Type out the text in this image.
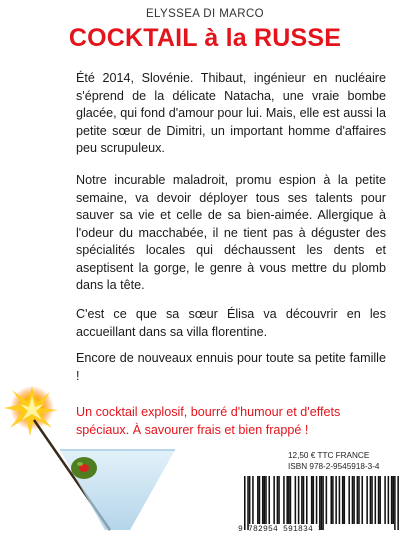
ELYSSEA DI MARCO
COCKTAIL à la RUSSE
Été 2014, Slovénie. Thibaut, ingénieur en nucléaire s'éprend de la délicate Natacha, une vraie bombe glacée, qui fond d'amour pour lui. Mais, elle est aussi la petite sœur de Dimitri, un important homme d'affaires peu scrupuleux.
Notre incurable maladroit, promu espion à la petite semaine, va devoir déployer tous ses talents pour sauver sa vie et celle de sa bien-aimée. Allergique à l'odeur du macchabée, il ne tient pas à déguster des spécialités locales qui déchaussent les dents et aseptisent la gorge, le genre à vous mettre du plomb dans la tête.
C'est ce que sa sœur Élisa va découvrir en les accueillant dans sa villa florentine.
Encore de nouveaux ennuis pour toute sa petite famille !
Un cocktail explosif, bourré d'humour et d'effets spéciaux. À savourer frais et bien frappé !
12,50 € TTC FRANCE
ISBN 978-2-9545918-3-4
9 782954 591834 >
